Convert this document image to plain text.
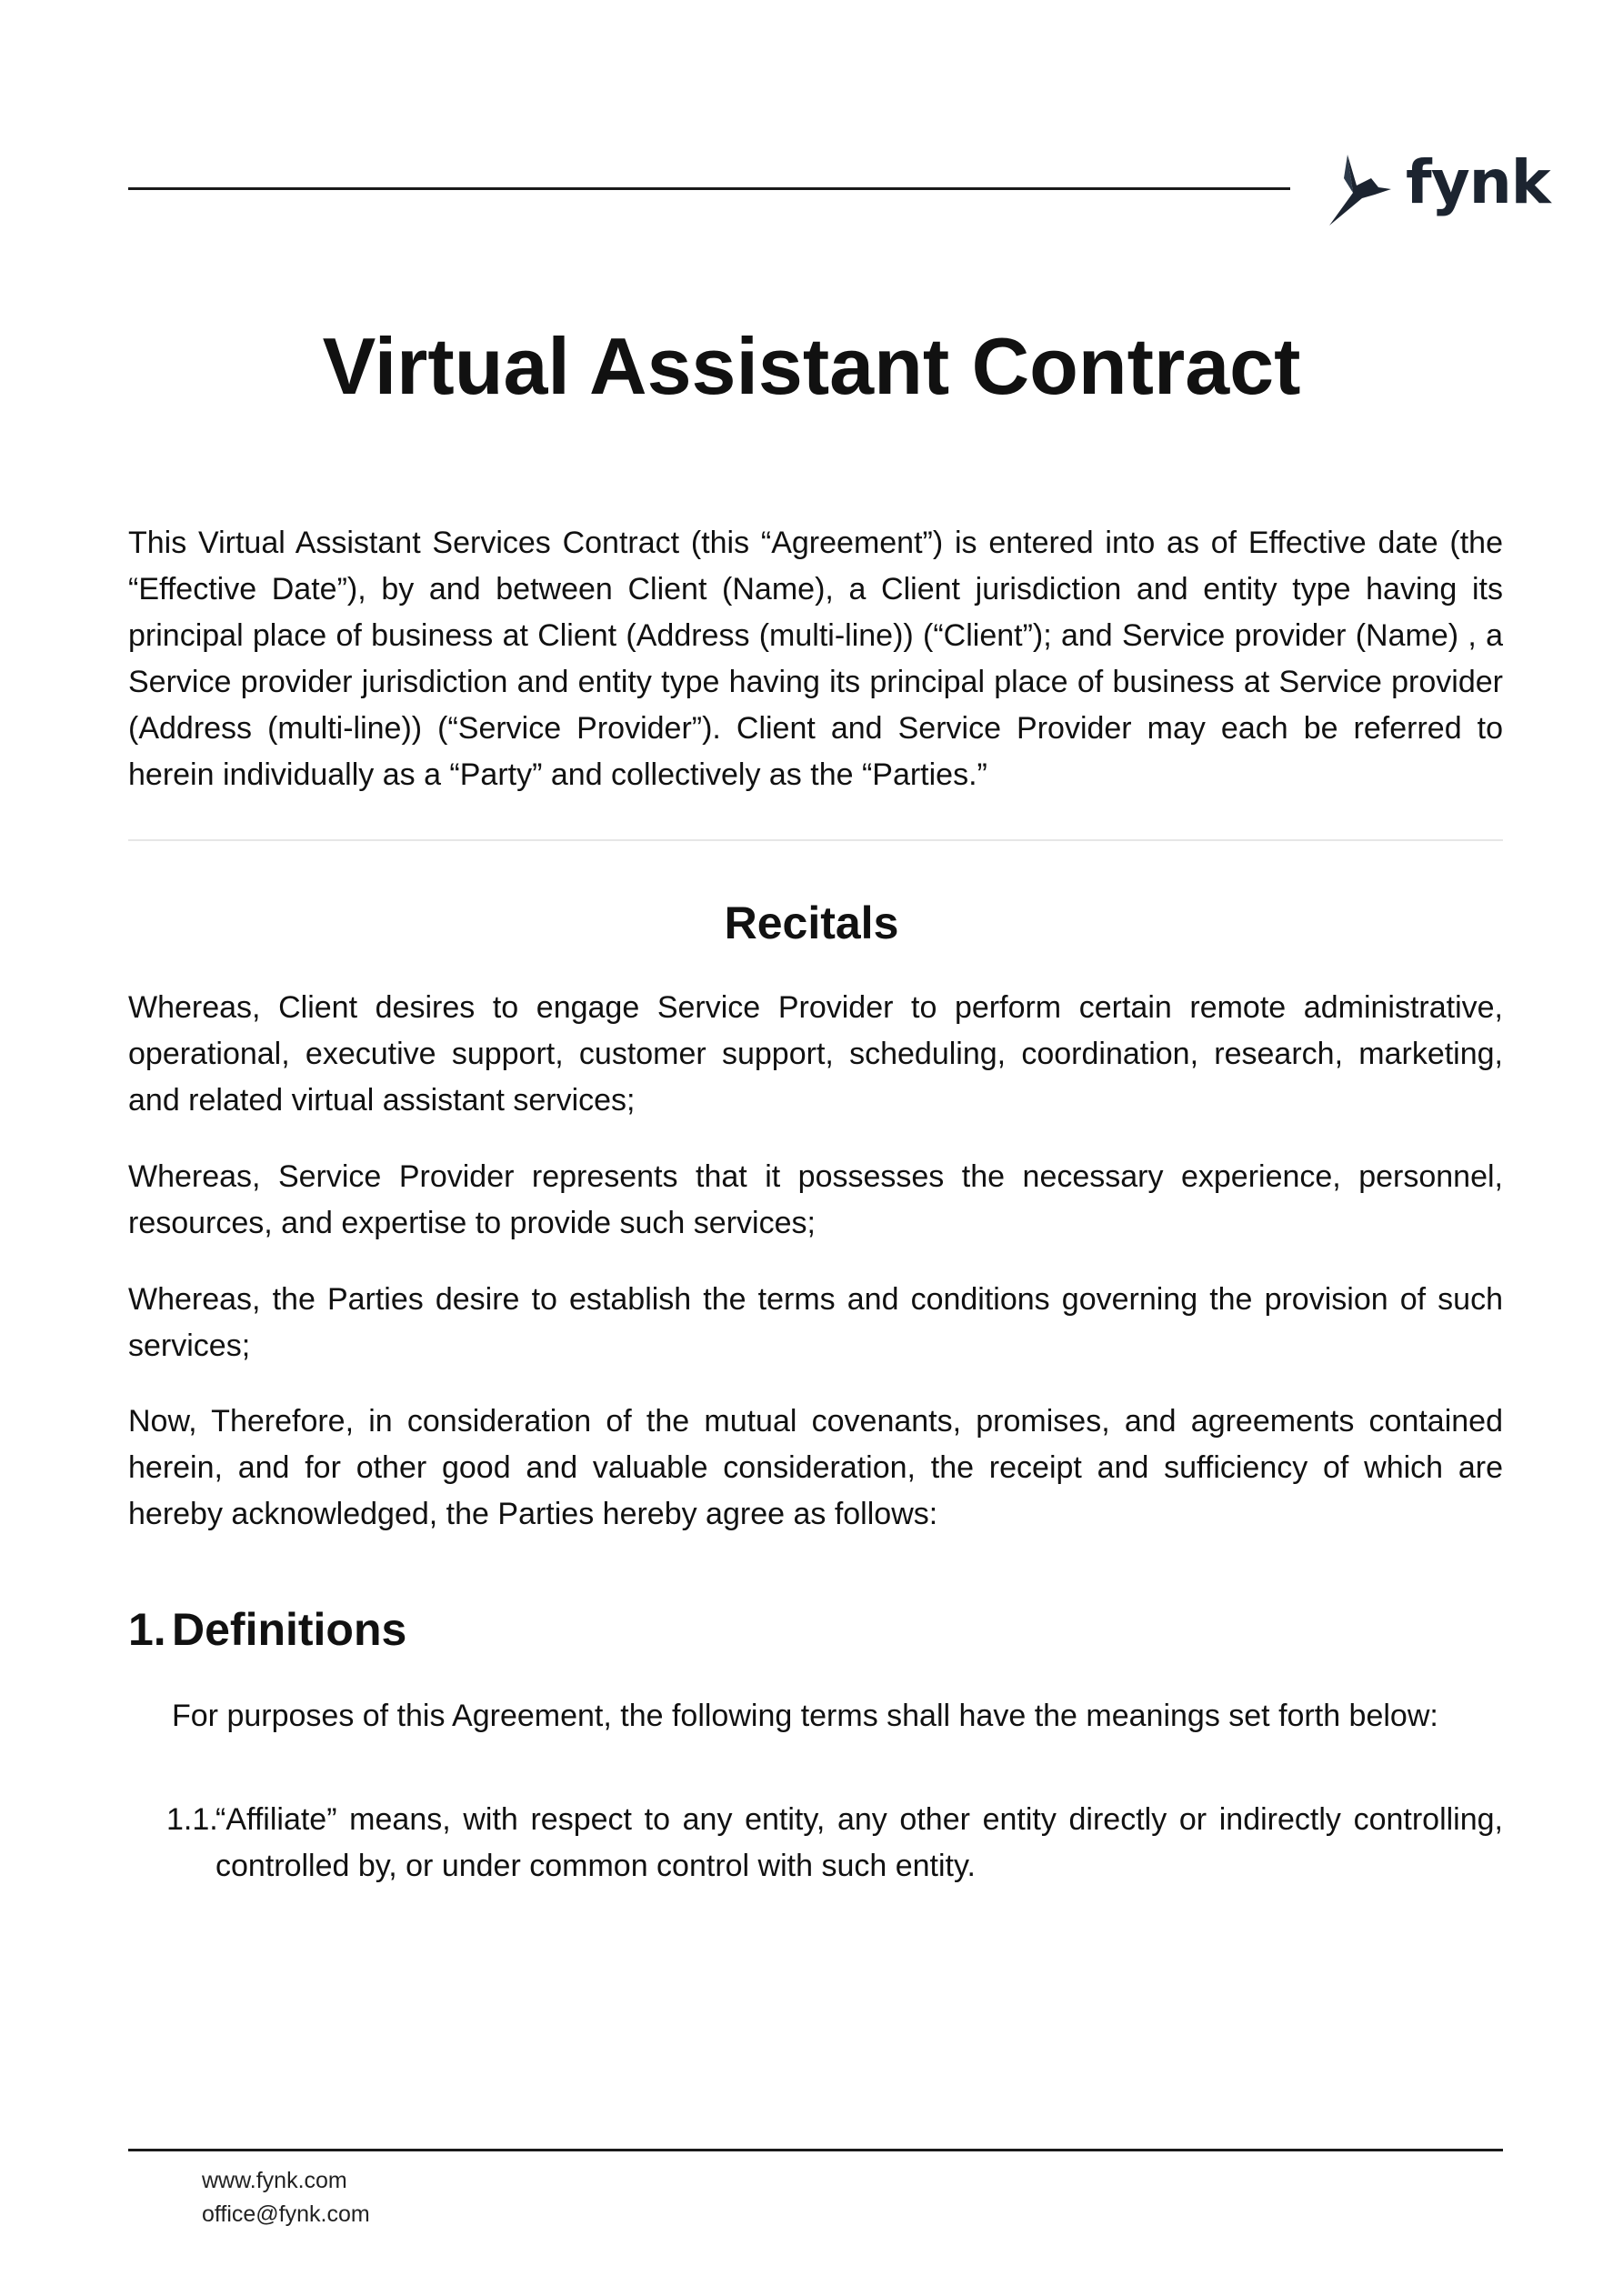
fynk
Virtual Assistant Contract

This Virtual Assistant Services Contract (this “Agreement”) is entered into as of Effective date (the “Effective Date”), by and between Client (Name), a Client jurisdiction and entity type having its principal place of business at Client (Address (multi-line)) (“Client”); and Service provider (Name) , a Service provider jurisdiction and entity type having its principal place of business at Service provider (Address (multi-line)) (“Service Provider”). Client and Service Provider may each be referred to herein individually as a “Party” and collectively as the “Parties.”

Recitals

Whereas, Client desires to engage Service Provider to perform certain remote administrative, operational, executive support, customer support, scheduling, coordination, research, marketing, and related virtual assistant services;

Whereas, Service Provider represents that it possesses the necessary experience, personnel, resources, and expertise to provide such services;

Whereas, the Parties desire to establish the terms and conditions governing the provision of such services;

Now, Therefore, in consideration of the mutual covenants, promises, and agreements contained herein, and for other good and valuable consideration, the receipt and sufficiency of which are hereby acknowledged, the Parties hereby agree as follows:

1. Definitions

For purposes of this Agreement, the following terms shall have the meanings set forth below:

1.1.
“Affiliate” means, with respect to any entity, any other entity directly or indirectly controlling, controlled by, or under common control with such entity.

www.fynk.com

office@fynk.com
